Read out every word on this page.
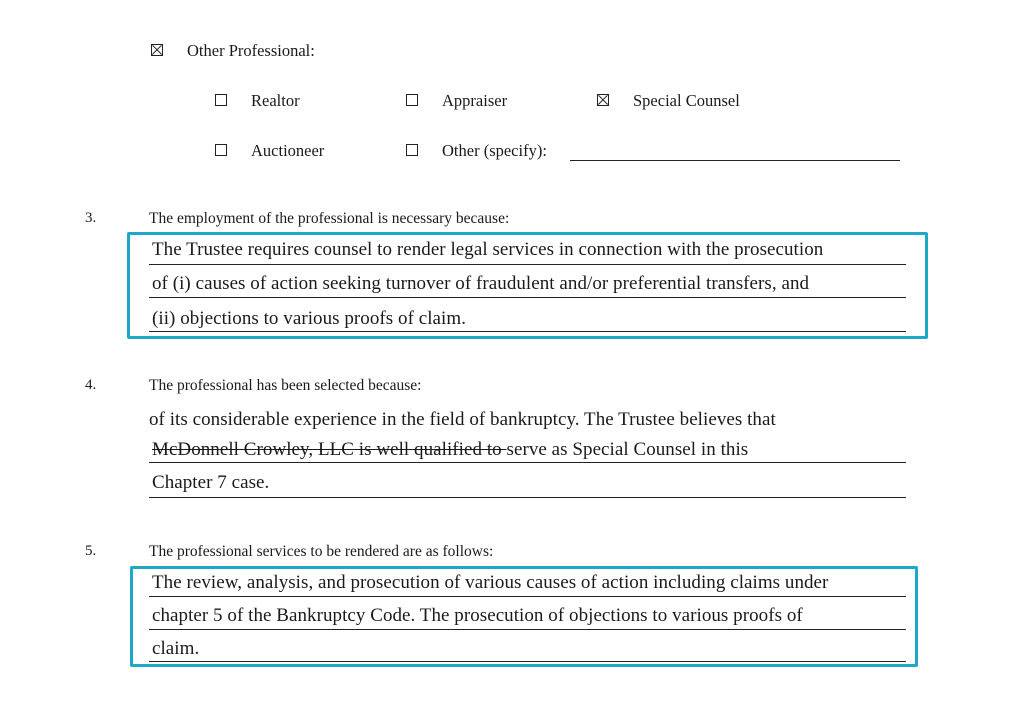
Other Professional:
Realtor	Appraiser	Special Counsel
Auctioneer	Other (specify):
3.	The employment of the professional is necessary because:
The Trustee requires counsel to render legal services in connection with the prosecution
of (i) causes of action seeking turnover of fraudulent and/or preferential transfers, and
(ii) objections to various proofs of claim.
4.	The professional has been selected because:
of its considerable experience in the field of bankruptcy. The Trustee believes that
McDonnell Crowley, LLC is well qualified to serve as Special Counsel in this
Chapter 7 case.
5.	The professional services to be rendered are as follows:
The review, analysis, and prosecution of various causes of action including claims under
chapter 5 of the Bankruptcy Code. The prosecution of objections to various proofs of
claim.
